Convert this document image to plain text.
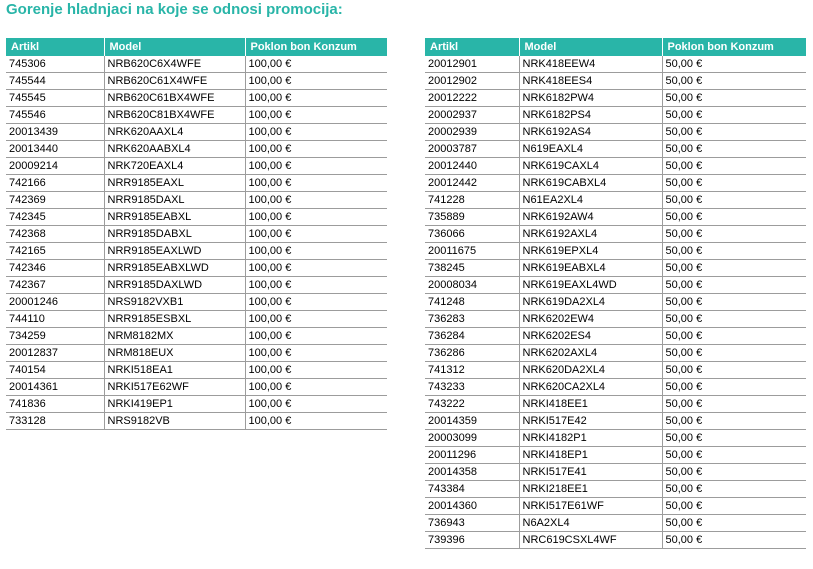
Gorenje hladnjaci na koje se odnosi promocija:
Artikl	Model	Poklon bon Konzum
745306	NRB620C6X4WFE	100,00 €
745544	NRB620C61X4WFE	100,00 €
745545	NRB620C61BX4WFE	100,00 €
745546	NRB620C81BX4WFE	100,00 €
20013439	NRK620AAXL4	100,00 €
20013440	NRK620AABXL4	100,00 €
20009214	NRK720EAXL4	100,00 €
742166	NRR9185EAXL	100,00 €
742369	NRR9185DAXL	100,00 €
742345	NRR9185EABXL	100,00 €
742368	NRR9185DABXL	100,00 €
742165	NRR9185EAXLWD	100,00 €
742346	NRR9185EABXLWD	100,00 €
742367	NRR9185DAXLWD	100,00 €
20001246	NRS9182VXB1	100,00 €
744110	NRR9185ESBXL	100,00 €
734259	NRM8182MX	100,00 €
20012837	NRM818EUX	100,00 €
740154	NRKI518EA1	100,00 €
20014361	NRKI517E62WF	100,00 €
741836	NRKI419EP1	100,00 €
733128	NRS9182VB	100,00 €
Artikl	Model	Poklon bon Konzum
20012901	NRK418EEW4	50,00 €
20012902	NRK418EES4	50,00 €
20012222	NRK6182PW4	50,00 €
20002937	NRK6182PS4	50,00 €
20002939	NRK6192AS4	50,00 €
20003787	N619EAXL4	50,00 €
20012440	NRK619CAXL4	50,00 €
20012442	NRK619CABXL4	50,00 €
741228	N61EA2XL4	50,00 €
735889	NRK6192AW4	50,00 €
736066	NRK6192AXL4	50,00 €
20011675	NRK619EPXL4	50,00 €
738245	NRK619EABXL4	50,00 €
20008034	NRK619EAXL4WD	50,00 €
741248	NRK619DA2XL4	50,00 €
736283	NRK6202EW4	50,00 €
736284	NRK6202ES4	50,00 €
736286	NRK6202AXL4	50,00 €
741312	NRK620DA2XL4	50,00 €
743233	NRK620CA2XL4	50,00 €
743222	NRKI418EE1	50,00 €
20014359	NRKI517E42	50,00 €
20003099	NRKI4182P1	50,00 €
20011296	NRKI418EP1	50,00 €
20014358	NRKI517E41	50,00 €
743384	NRKI218EE1	50,00 €
20014360	NRKI517E61WF	50,00 €
736943	N6A2XL4	50,00 €
739396	NRC619CSXL4WF	50,00 €
